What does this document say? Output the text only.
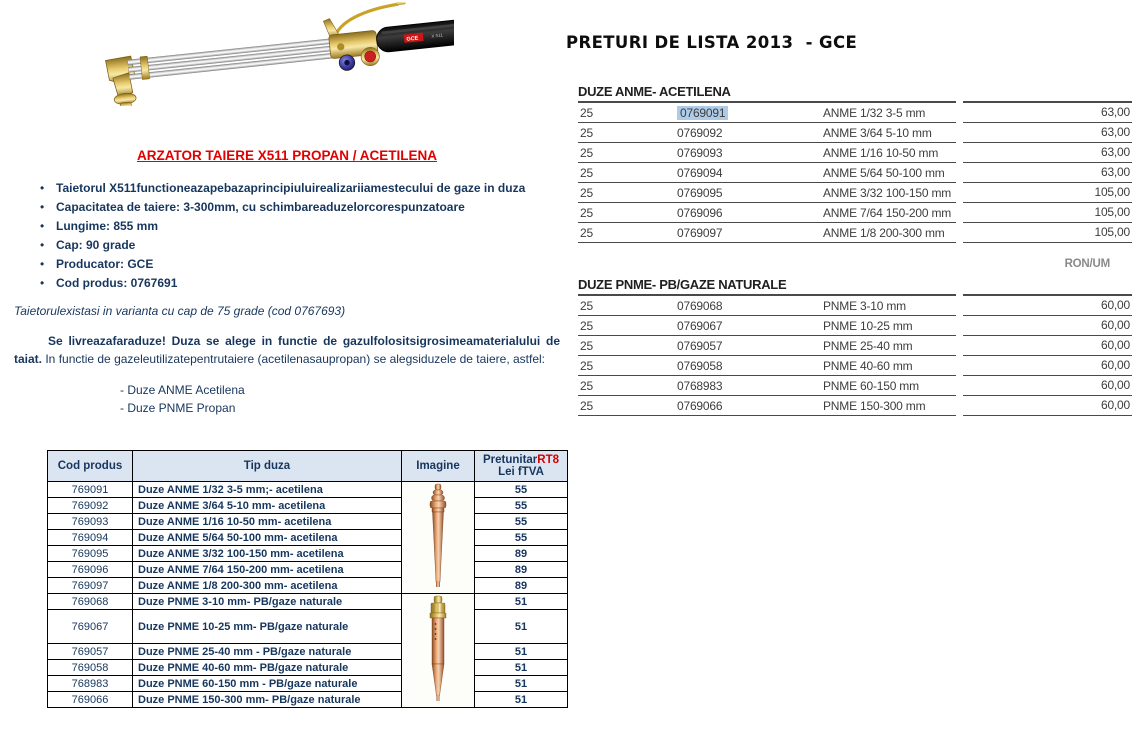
GCE X 511	PRETURI DE LISTA 2013  - GCE
DUZE ANME- ACETILENA
25	0769091	ANME 1/32 3-5 mm	63,00
25	0769092	ANME 3/64 5-10 mm	63,00
25	0769093	ANME 1/16 10-50 mm	63,00
25	0769094	ANME 5/64 50-100 mm	63,00
25	0769095	ANME 3/32 100-150 mm	105,00
25	0769096	ANME 7/64 150-200 mm	105,00
25	0769097	ANME 1/8 200-300 mm	105,00
RON/UM
DUZE PNME- PB/GAZE NATURALE
25	0769068	PNME 3-10 mm	60,00
25	0769067	PNME 10-25 mm	60,00
25	0769057	PNME 25-40 mm	60,00
25	0769058	PNME 40-60 mm	60,00
25	0768983	PNME 60-150 mm	60,00
25	0769066	PNME 150-300 mm	60,00
ARZATOR TAIERE X511 PROPAN / ACETILENA
• Taietorul X511functioneazapebazaprincipiuluirealizariiamestecului de gaze in duza
• Capacitatea de taiere: 3-300mm, cu schimbareaduzelorcorespunzatoare
• Lungime: 855 mm
• Cap: 90 grade
• Producator: GCE
• Cod produs: 0767691
Taietorulexistasi in varianta cu cap de 75 grade (cod 0767693)
Se livreazafaraduze! Duza se alege in functie de gazulfolositsigrosimeamaterialului de taiat. In functie de gazeleutilizatepentrutaiere (acetilenasaupropan) se alegsiduzele de taiere, astfel:
- Duze ANME Acetilena
- Duze PNME Propan
Cod produs	Tip duza	Imagine	PretunitarRT8
Lei fTVA
769091	Duze ANME 1/32 3-5 mm;- acetilena		55
769092	Duze ANME 3/64 5-10 mm- acetilena		55
769093	Duze ANME 1/16 10-50 mm- acetilena		55
769094	Duze ANME 5/64 50-100 mm- acetilena		55
769095	Duze ANME 3/32 100-150 mm- acetilena		89
769096	Duze ANME 7/64 150-200 mm- acetilena		89
769097	Duze ANME 1/8 200-300 mm- acetilena		89
769068	Duze PNME 3-10 mm- PB/gaze naturale		51
769067	Duze PNME 10-25 mm- PB/gaze naturale		51
769057	Duze PNME 25-40 mm - PB/gaze naturale		51
769058	Duze PNME 40-60 mm- PB/gaze naturale		51
768983	Duze PNME 60-150 mm - PB/gaze naturale		51
769066	Duze PNME 150-300 mm- PB/gaze naturale		51
